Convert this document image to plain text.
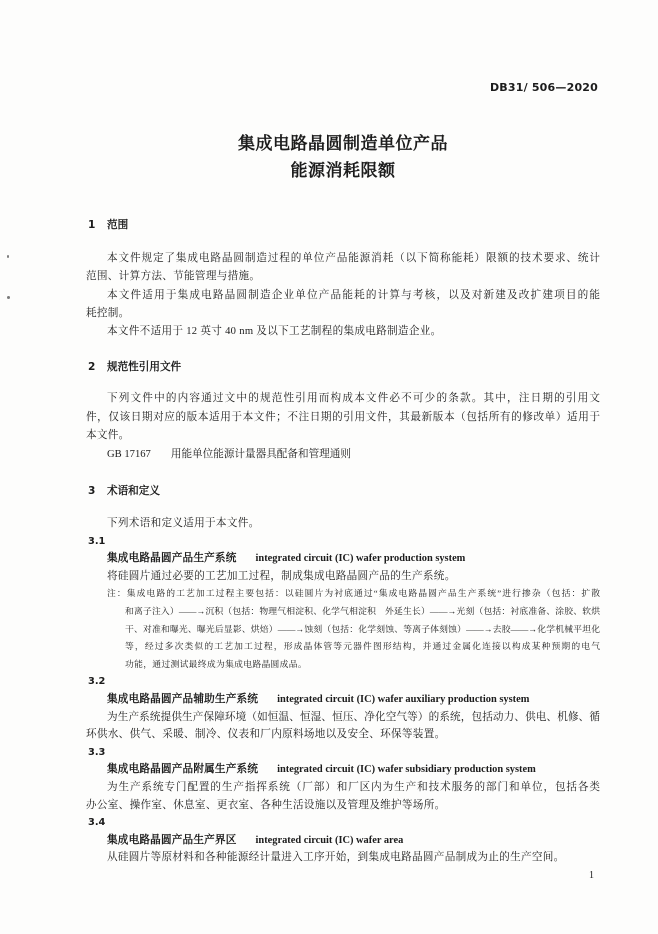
DB31/ 506—2020
集成电路晶圆制造单位产品
能源消耗限额
1 范围
本文件规定了集成电路晶圆制造过程的单位产品能源消耗（以下简称能耗）限额的技术要求、统计
范围、计算方法、节能管理与措施。
本文件适用于集成电路晶圆制造企业单位产品能耗的计算与考核，以及对新建及改扩建项目的能
耗控制。
本文件不适用于 12 英寸 40 nm 及以下工艺制程的集成电路制造企业。
2 规范性引用文件
下列文件中的内容通过文中的规范性引用而构成本文件必不可少的条款。其中，注日期的引用文
件，仅该日期对应的版本适用于本文件；不注日期的引用文件，其最新版本（包括所有的修改单）适用于
本文件。
GB 17167 用能单位能源计量器具配备和管理通则
3 术语和定义
下列术语和定义适用于本文件。
3.1
集成电路晶圆产品生产系统 integrated circuit (IC) wafer production system
将硅圆片通过必要的工艺加工过程，制成集成电路晶圆产品的生产系统。
注：集成电路的工艺加工过程主要包括：以硅圆片为衬底通过“集成电路晶圆产品生产系统”进行掺杂（包括：扩散
和离子注入）——→沉积（包括：物理气相淀积、化学气相淀积　外延生长）——→光刻（包括：衬底准备、涂胶、软烘
干、对准和曝光、曝光后显影、烘焙）——→蚀刻（包括：化学刻蚀、等离子体刻蚀）——→去胶——→化学机械平坦化
等，经过多次类似的工艺加工过程，形成晶体管等元器件图形结构，并通过金属化连接以构成某种预期的电气
功能，通过测试最终成为集成电路晶圆成品。
3.2
集成电路晶圆产品辅助生产系统 integrated circuit (IC) wafer auxiliary production system
为生产系统提供生产保障环境（如恒温、恒湿、恒压、净化空气等）的系统，包括动力、供电、机修、循
环供水、供气、采暖、制冷、仪表和厂内原料场地以及安全、环保等装置。
3.3
集成电路晶圆产品附属生产系统 integrated circuit (IC) wafer subsidiary production system
为生产系统专门配置的生产指挥系统（厂部）和厂区内为生产和技术服务的部门和单位，包括各类
办公室、操作室、休息室、更衣室、各种生活设施以及管理及维护等场所。
3.4
集成电路晶圆产品生产界区 integrated circuit (IC) wafer area
从硅圆片等原材料和各种能源经计量进入工序开始，到集成电路晶圆产品制成为止的生产空间。
1
